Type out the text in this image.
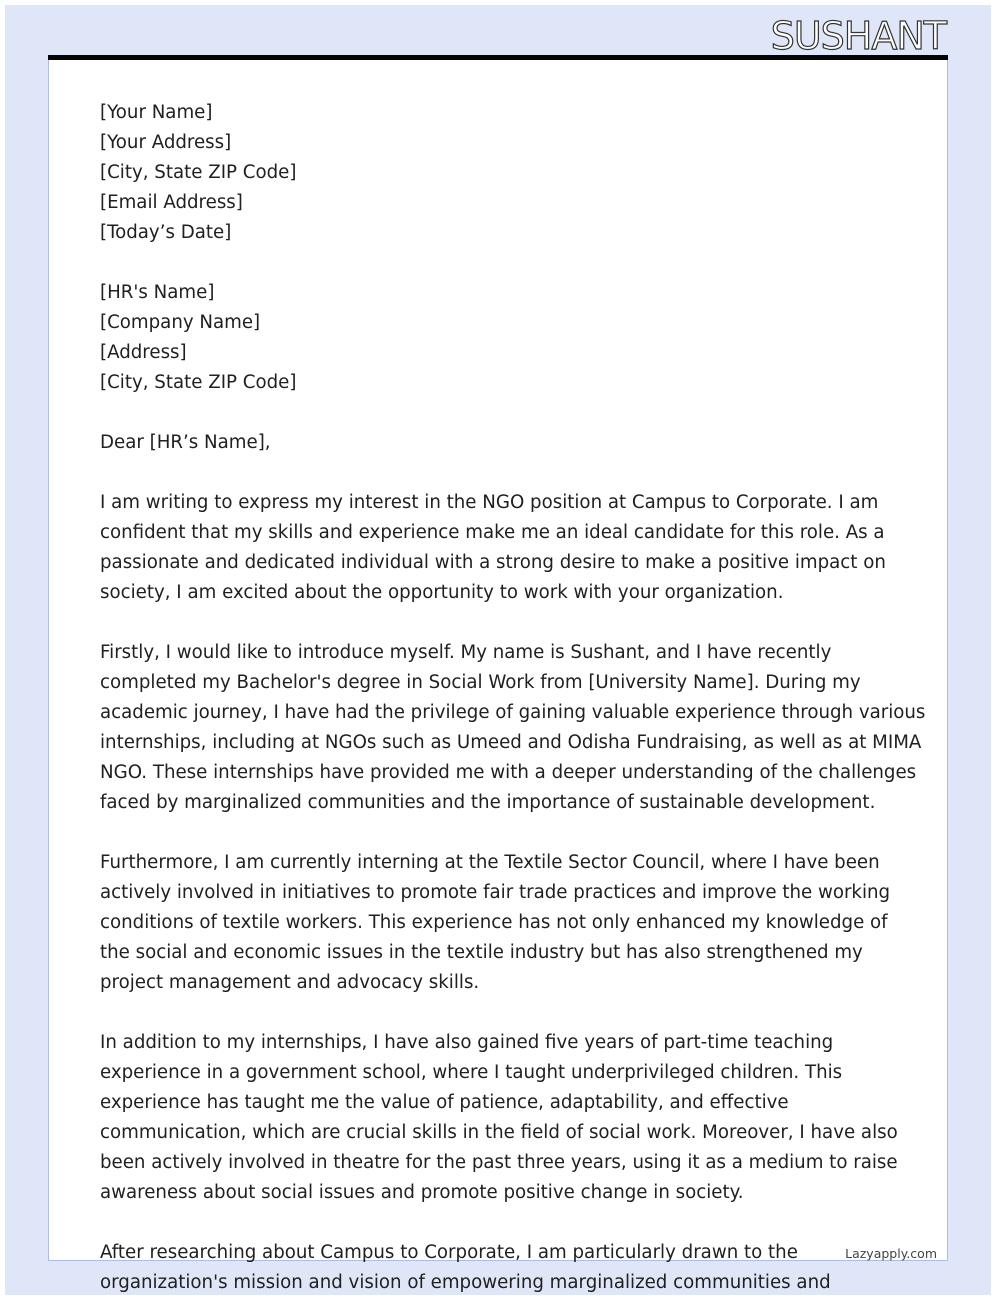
SUSHANT
[Your Name]
[Your Address]
[City, State ZIP Code]
[Email Address]
[Today’s Date]
[HR's Name]
[Company Name]
[Address]
[City, State ZIP Code]
Dear [HR’s Name],
I am writing to express my interest in the NGO position at Campus to Corporate. I am
confident that my skills and experience make me an ideal candidate for this role. As a
passionate and dedicated individual with a strong desire to make a positive impact on
society, I am excited about the opportunity to work with your organization.
Firstly, I would like to introduce myself. My name is Sushant, and I have recently
completed my Bachelor's degree in Social Work from [University Name]. During my
academic journey, I have had the privilege of gaining valuable experience through various
internships, including at NGOs such as Umeed and Odisha Fundraising, as well as at MIMA
NGO. These internships have provided me with a deeper understanding of the challenges
faced by marginalized communities and the importance of sustainable development.
Furthermore, I am currently interning at the Textile Sector Council, where I have been
actively involved in initiatives to promote fair trade practices and improve the working
conditions of textile workers. This experience has not only enhanced my knowledge of
the social and economic issues in the textile industry but has also strengthened my
project management and advocacy skills.
In addition to my internships, I have also gained five years of part-time teaching
experience in a government school, where I taught underprivileged children. This
experience has taught me the value of patience, adaptability, and effective
communication, which are crucial skills in the field of social work. Moreover, I have also
been actively involved in theatre for the past three years, using it as a medium to raise
awareness about social issues and promote positive change in society.
After researching about Campus to Corporate, I am particularly drawn to the
organization's mission and vision of empowering marginalized communities and
Lazyapply.com
